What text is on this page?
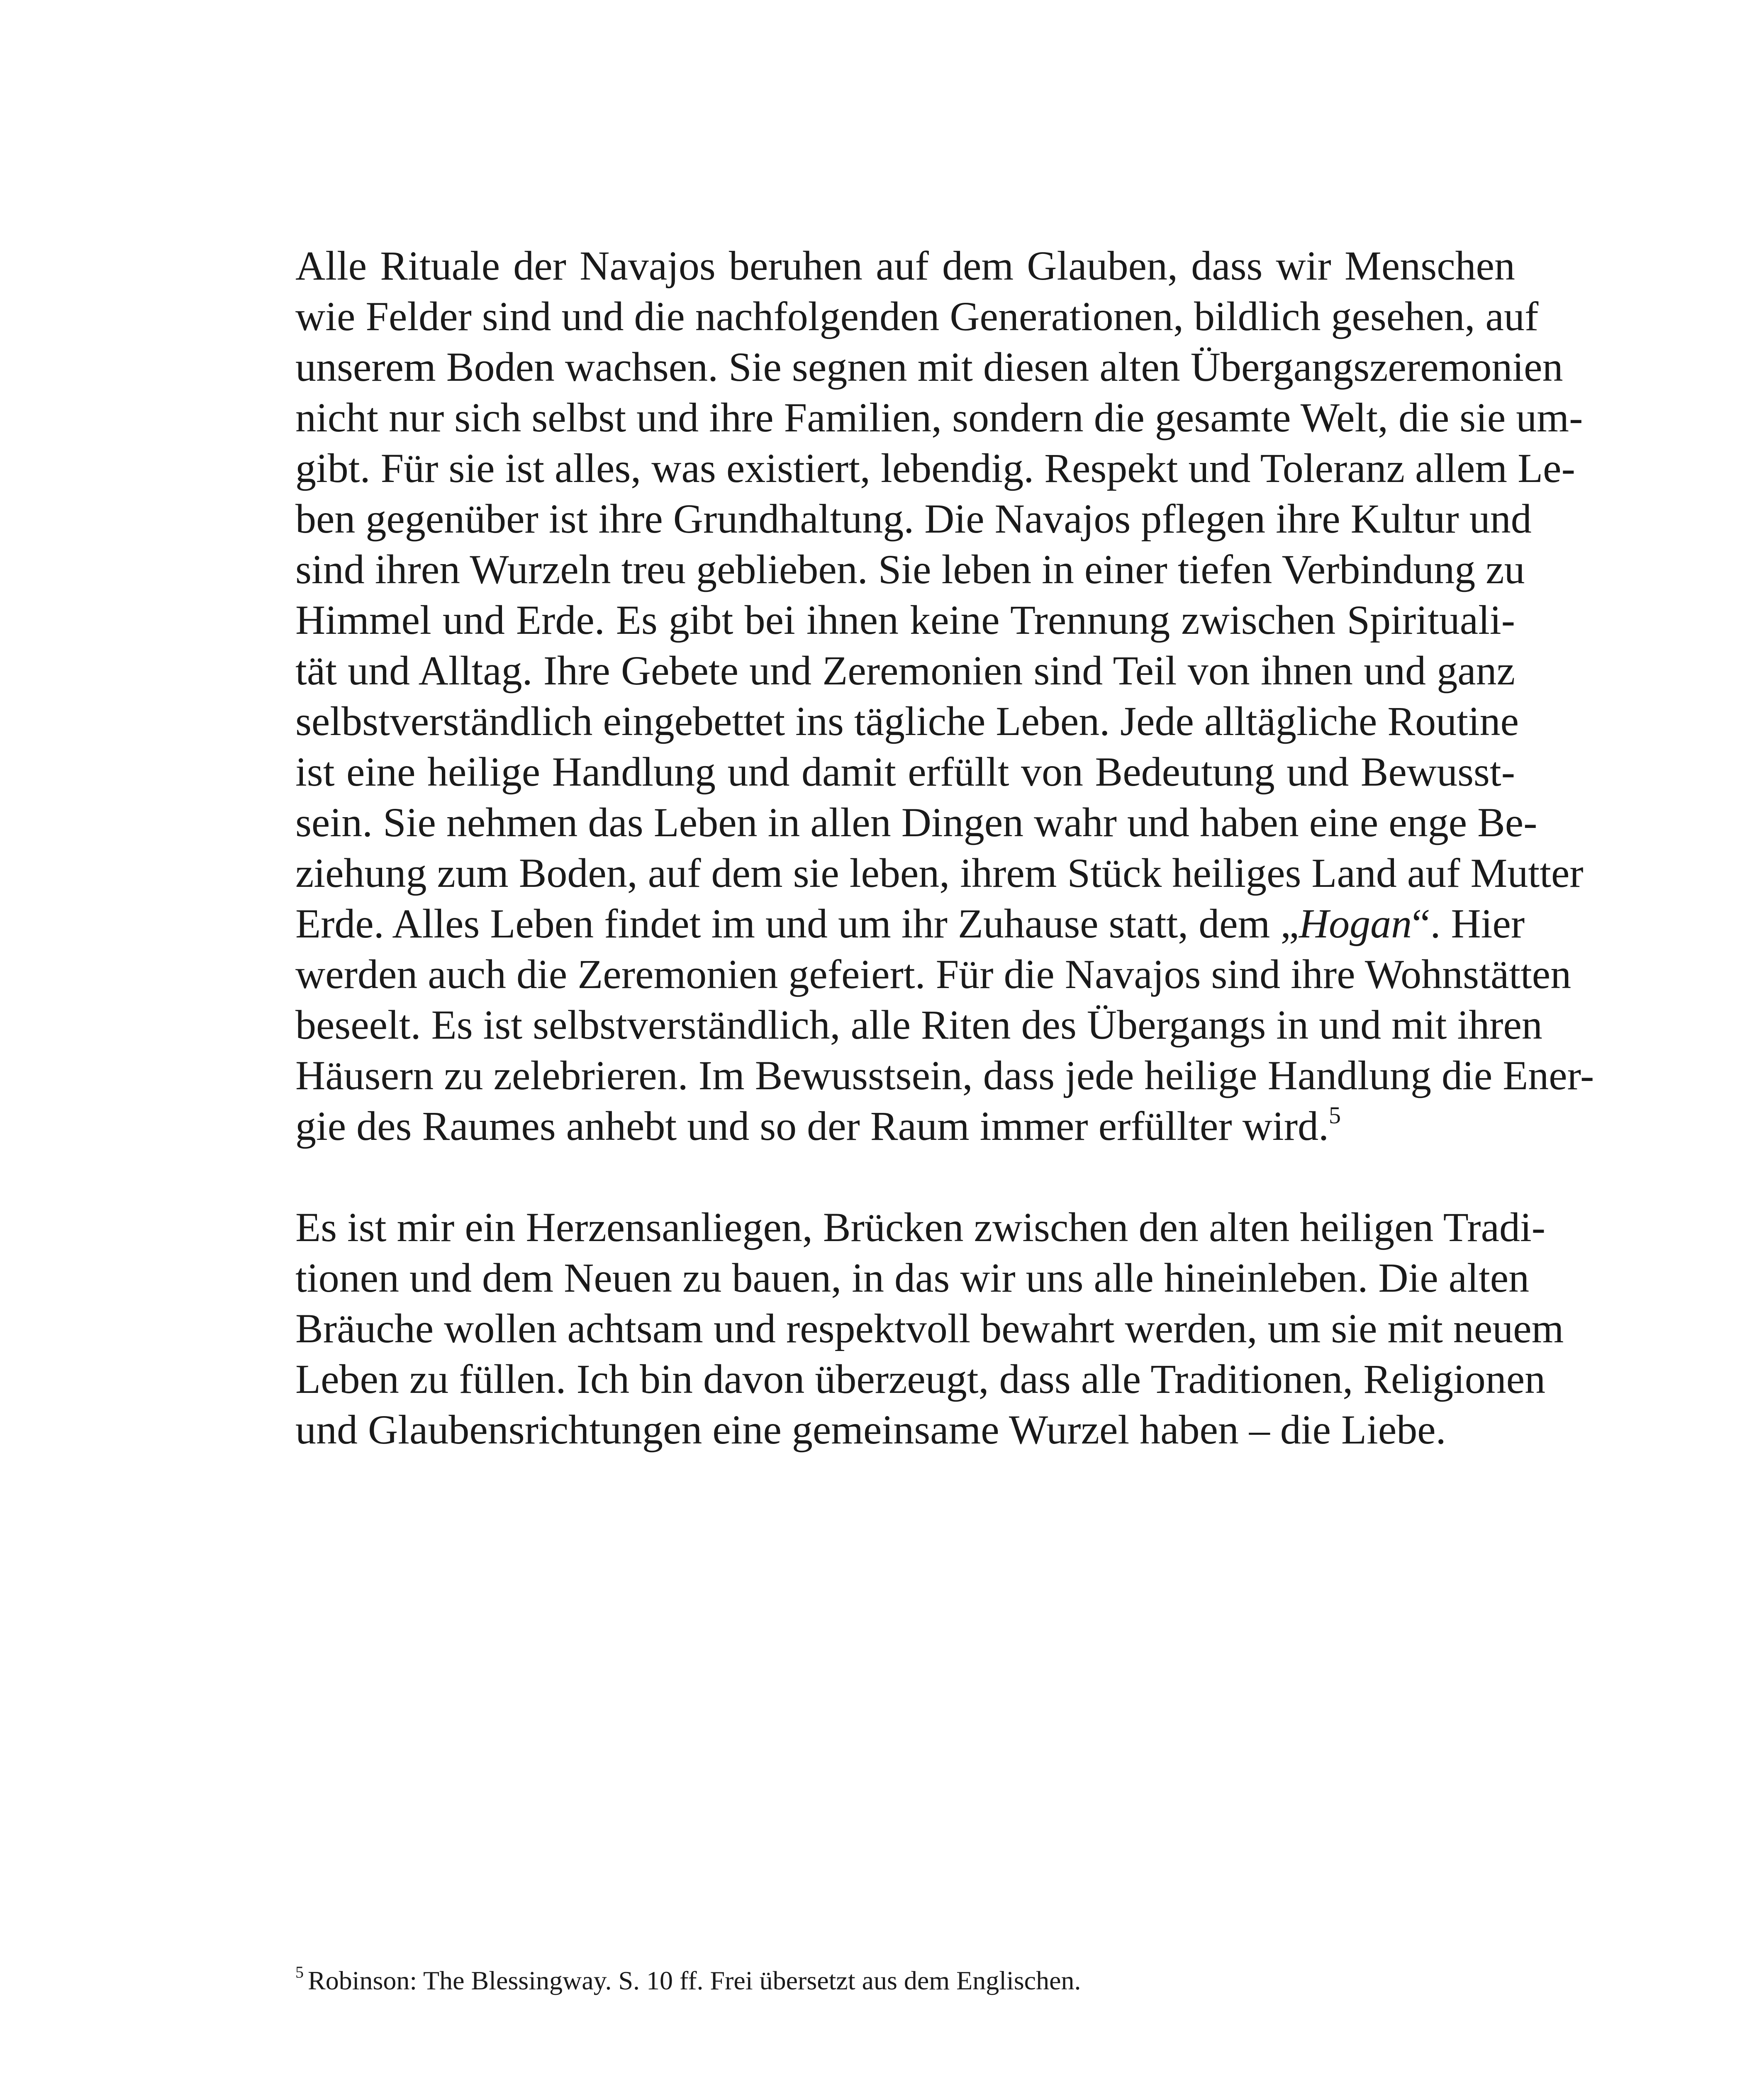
Alle Rituale der Navajos beruhen auf dem Glauben, dass wir Menschen
wie Felder sind und die nachfolgenden Generationen, bildlich gesehen, auf
unserem Boden wachsen. Sie segnen mit diesen alten Übergangszeremonien
nicht nur sich selbst und ihre Familien, sondern die gesamte Welt, die sie um-
gibt. Für sie ist alles, was existiert, lebendig. Respekt und Toleranz allem Le-
ben gegenüber ist ihre Grundhaltung. Die Navajos pflegen ihre Kultur und
sind ihren Wurzeln treu geblieben. Sie leben in einer tiefen Verbindung zu
Himmel und Erde. Es gibt bei ihnen keine Trennung zwischen Spirituali-
tät und Alltag. Ihre Gebete und Zeremonien sind Teil von ihnen und ganz
selbstverständlich eingebettet ins tägliche Leben. Jede alltägliche Routine
ist eine heilige Handlung und damit erfüllt von Bedeutung und Bewusst-
sein. Sie nehmen das Leben in allen Dingen wahr und haben eine enge Be-
ziehung zum Boden, auf dem sie leben, ihrem Stück heiliges Land auf Mutter
Erde. Alles Leben findet im und um ihr Zuhause statt, dem „Hogan“. Hier
werden auch die Zeremonien gefeiert. Für die Navajos sind ihre Wohnstätten
beseelt. Es ist selbstverständlich, alle Riten des Übergangs in und mit ihren
Häusern zu zelebrieren. Im Bewusstsein, dass jede heilige Handlung die Ener-
gie des Raumes anhebt und so der Raum immer erfüllter wird.$^5$
Es ist mir ein Herzensanliegen, Brücken zwischen den alten heiligen Tradi-
tionen und dem Neuen zu bauen, in das wir uns alle hineinleben. Die alten
Bräuche wollen achtsam und respektvoll bewahrt werden, um sie mit neuem
Leben zu füllen. Ich bin davon überzeugt, dass alle Traditionen, Religionen
und Glaubensrichtungen eine gemeinsame Wurzel haben – die Liebe.
$^5$ Robinson: The Blessingway. S. 10 ff. Frei übersetzt aus dem Englischen.
